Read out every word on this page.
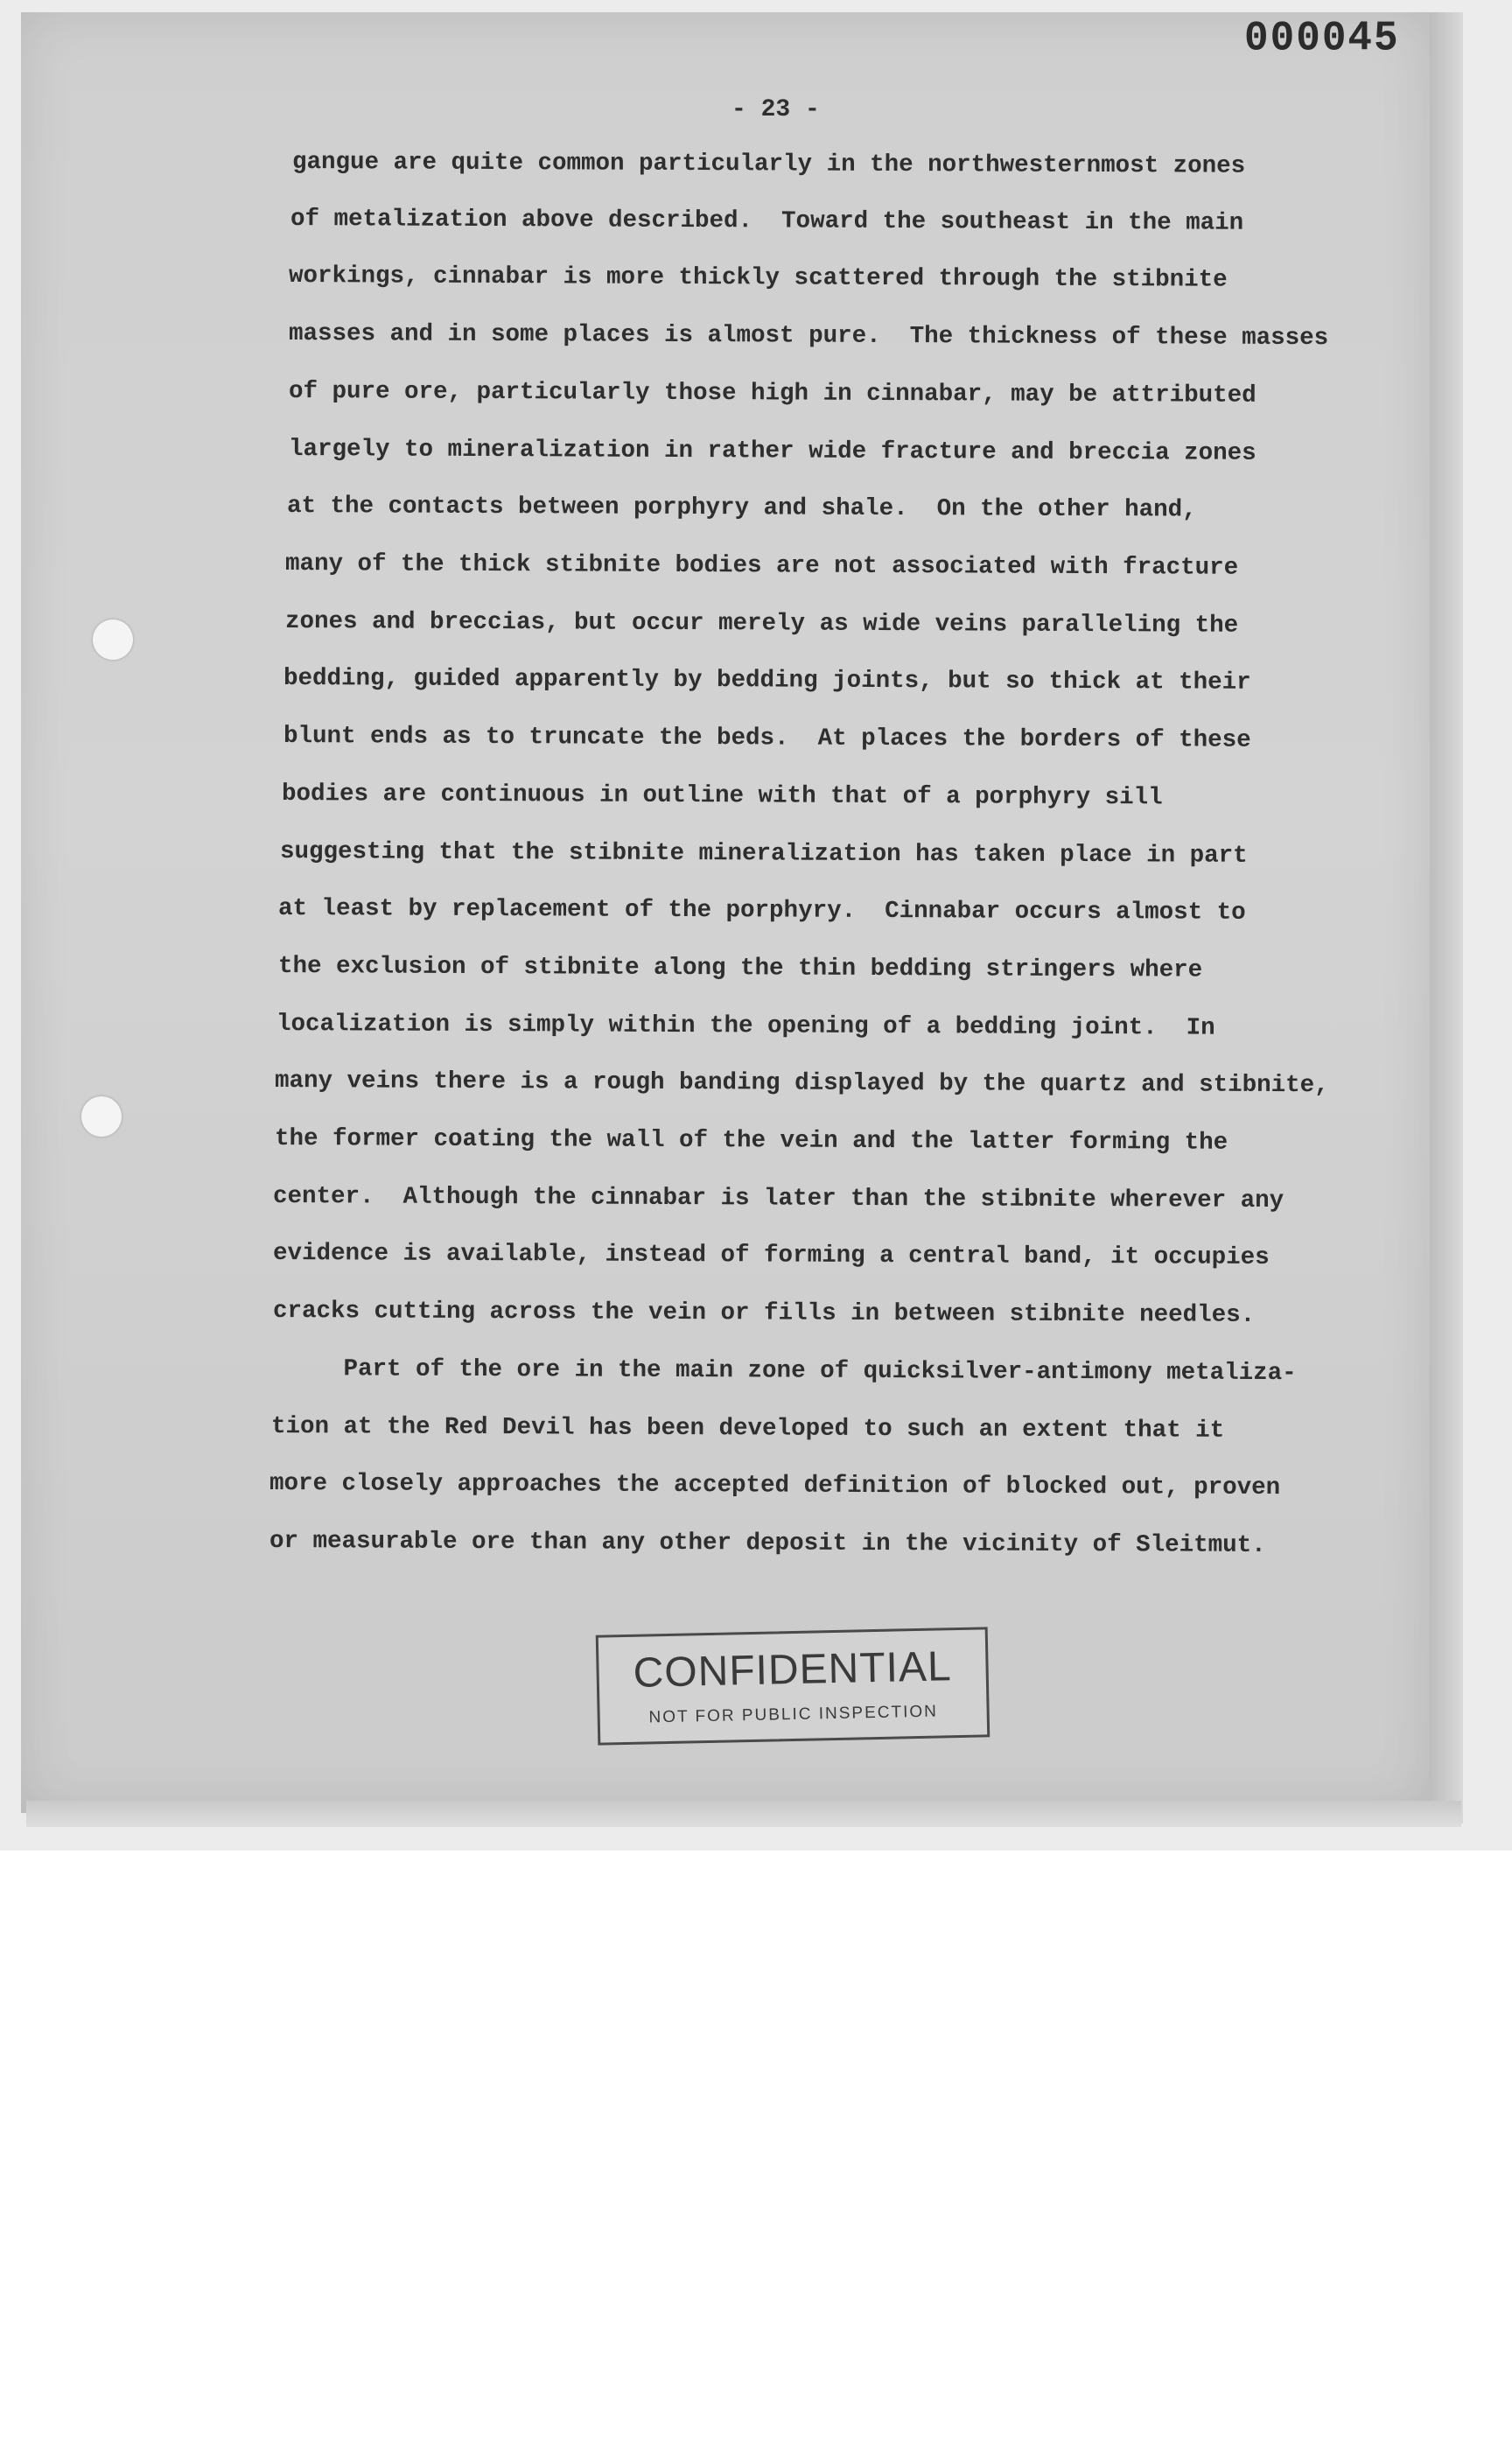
000045
- 23 -
gangue are quite common particularly in the northwesternmost zones
of metalization above described.  Toward the southeast in the main
workings, cinnabar is more thickly scattered through the stibnite
masses and in some places is almost pure.  The thickness of these masses
of pure ore, particularly those high in cinnabar, may be attributed
largely to mineralization in rather wide fracture and breccia zones
at the contacts between porphyry and shale.  On the other hand,
many of the thick stibnite bodies are not associated with fracture
zones and breccias, but occur merely as wide veins paralleling the
bedding, guided apparently by bedding joints, but so thick at their
blunt ends as to truncate the beds.  At places the borders of these
bodies are continuous in outline with that of a porphyry sill
suggesting that the stibnite mineralization has taken place in part
at least by replacement of the porphyry.  Cinnabar occurs almost to
the exclusion of stibnite along the thin bedding stringers where
localization is simply within the opening of a bedding joint.  In
many veins there is a rough banding displayed by the quartz and stibnite,
the former coating the wall of the vein and the latter forming the
center.  Although the cinnabar is later than the stibnite wherever any
evidence is available, instead of forming a central band, it occupies
cracks cutting across the vein or fills in between stibnite needles.
Part of the ore in the main zone of quicksilver-antimony metaliza-
tion at the Red Devil has been developed to such an extent that it
more closely approaches the accepted definition of blocked out, proven
or measurable ore than any other deposit in the vicinity of Sleitmut.
CONFIDENTIAL
NOT FOR PUBLIC INSPECTION
